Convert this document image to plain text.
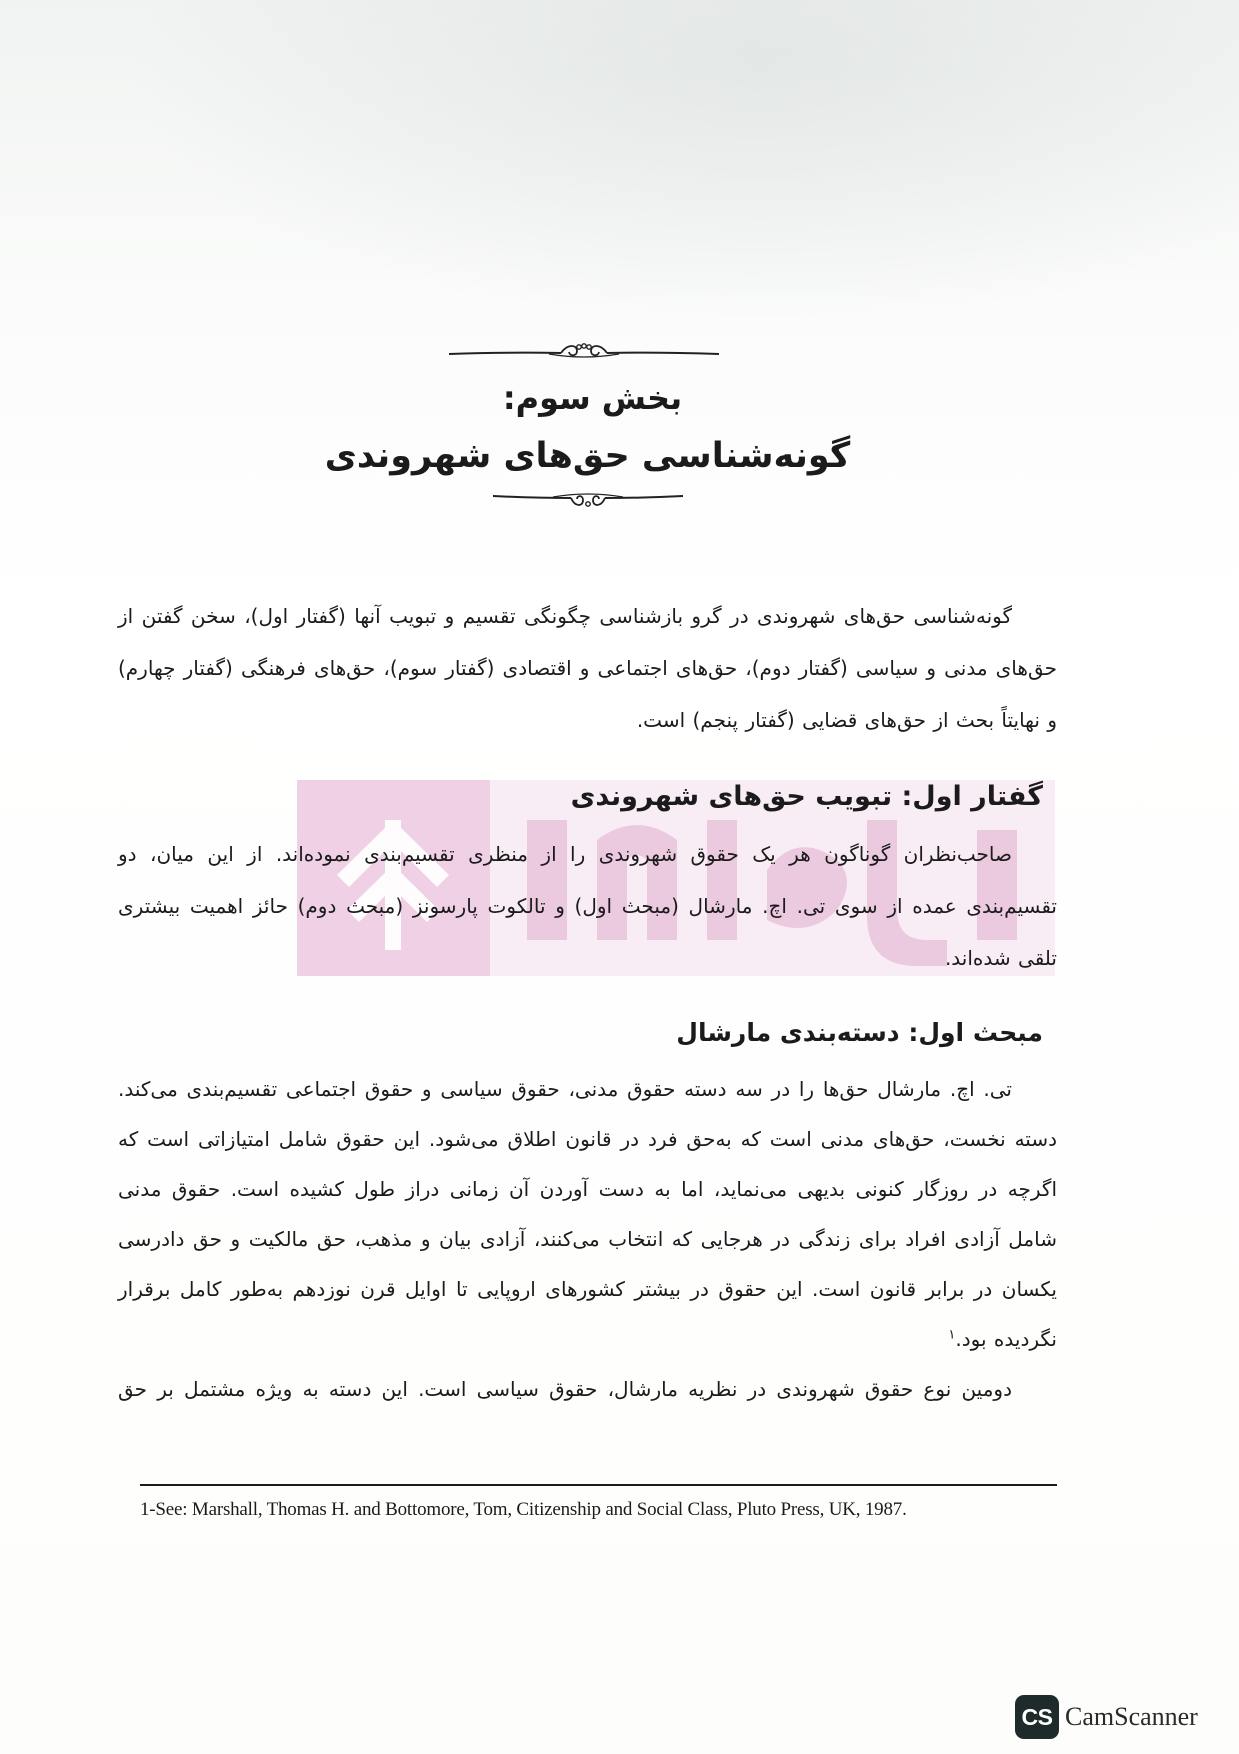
بخش سوم:
گونه‌شناسی حق‌های شهروندی

گونه‌شناسی حق‌های شهروندی در گرو بازشناسی چگونگی تقسیم و تبویب آنها (گفتار اول)، سخن گفتن از حق‌های مدنی و سیاسی (گفتار دوم)، حق‌های اجتماعی و اقتصادی (گفتار سوم)، حق‌های فرهنگی (گفتار چهارم) و نهایتاً بحث از حق‌های قضایی (گفتار پنجم) است.

گفتار اول: تبویب حق‌های شهروندی

صاحب‌نظران گوناگون هر یک حقوق شهروندی را از منظری تقسیم‌بندی نموده‌اند. از این میان، دو تقسیم‌بندی عمده از سوی تی. اچ. مارشال (مبحث اول) و تالکوت پارسونز (مبحث دوم) حائز اهمیت بیشتری تلقی شده‌اند.

مبحث اول: دسته‌بندی مارشال

تی. اچ. مارشال حق‌ها را در سه دسته حقوق مدنی، حقوق سیاسی و حقوق اجتماعی تقسیم‌بندی می‌کند. دسته نخست، حق‌های مدنی است که به‌حق فرد در قانون اطلاق می‌شود. این حقوق شامل امتیازاتی است که اگرچه در روزگار کنونی بدیهی می‌نماید، اما به دست آوردن آن زمانی دراز طول کشیده است. حقوق مدنی شامل آزادی افراد برای زندگی در هرجایی که انتخاب می‌کنند، آزادی بیان و مذهب، حق مالکیت و حق دادرسی یکسان در برابر قانون است. این حقوق در بیشتر کشورهای اروپایی تا اوایل قرن نوزدهم به‌طور کامل برقرار نگردیده بود.$^۱$

دومین نوع حقوق شهروندی در نظریه مارشال، حقوق سیاسی است. این دسته به ویژه مشتمل بر حق

1-See: Marshall, Thomas H. and Bottomore, Tom, Citizenship and Social Class, Pluto Press, UK, 1987.
CS CamScanner
